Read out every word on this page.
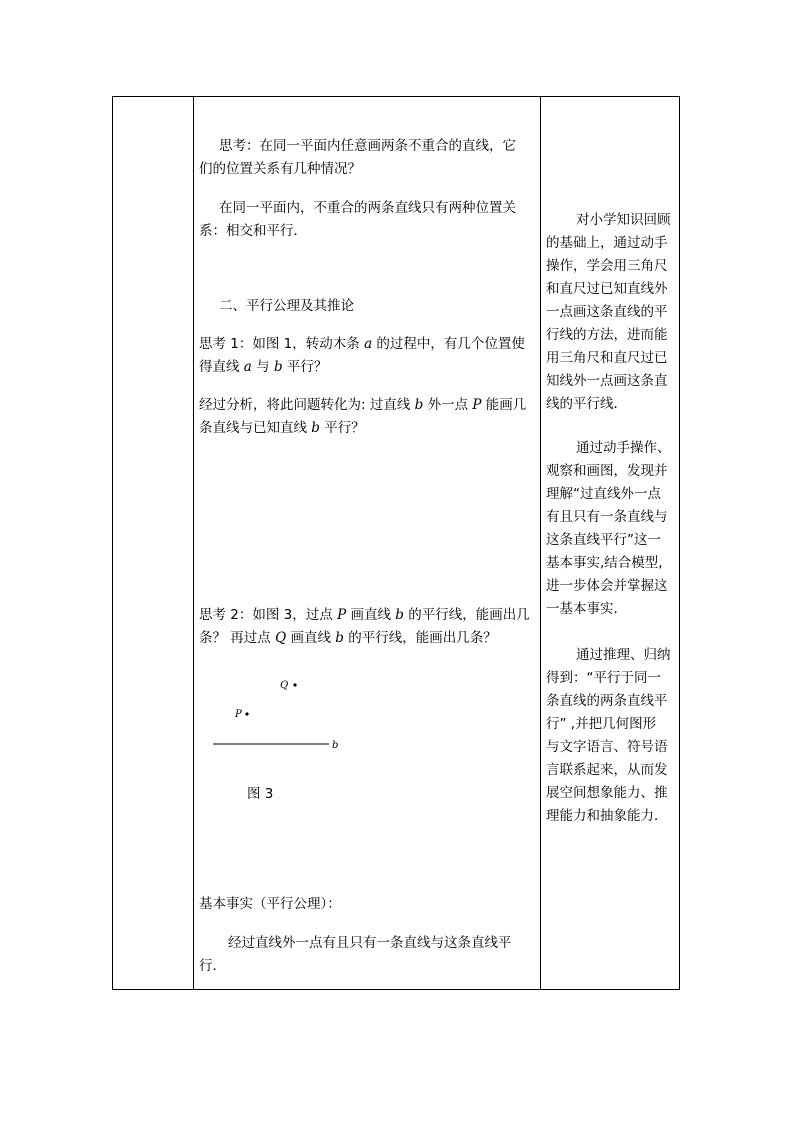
思考：在同一平面内任意画两条不重合的直线，它

们的位置关系有几种情况？

在同一平面内，不重合的两条直线只有两种位置关

系：相交和平行．

二、平行公理及其推论

思考 1：如图 1，转动木条 a 的过程中，有几个位置使

得直线 a 与 b 平行？

经过分析，将此问题转化为: 过直线 b 外一点 P 能画几

条直线与已知直线 b 平行？

思考 2：如图 3，过点 P 画直线 b 的平行线，能画出几

条？ 再过点 Q 画直线 b 的平行线，能画出几条？

Q
P
b

图 3

基本事实（平行公理）：

经过直线外一点有且只有一条直线与这条直线平

行．

对小学知识回顾
的基础上，通过动手
操作，学会用三角尺
和直尺过已知直线外
一点画这条直线的平
行线的方法，进而能
用三角尺和直尺过已
知线外一点画这条直
线的平行线．
通过动手操作、
观察和画图，发现并
理解“过直线外一点
有且只有一条直线与
这条直线平行”这一
基本事实,结合模型,
进一步体会并掌握这
一基本事实．
通过推理、归纳
得到：“平行于同一
条直线的两条直线平
行” ,并把几何图形
与文字语言、符号语
言联系起来，从而发
展空间想象能力、推
理能力和抽象能力．
